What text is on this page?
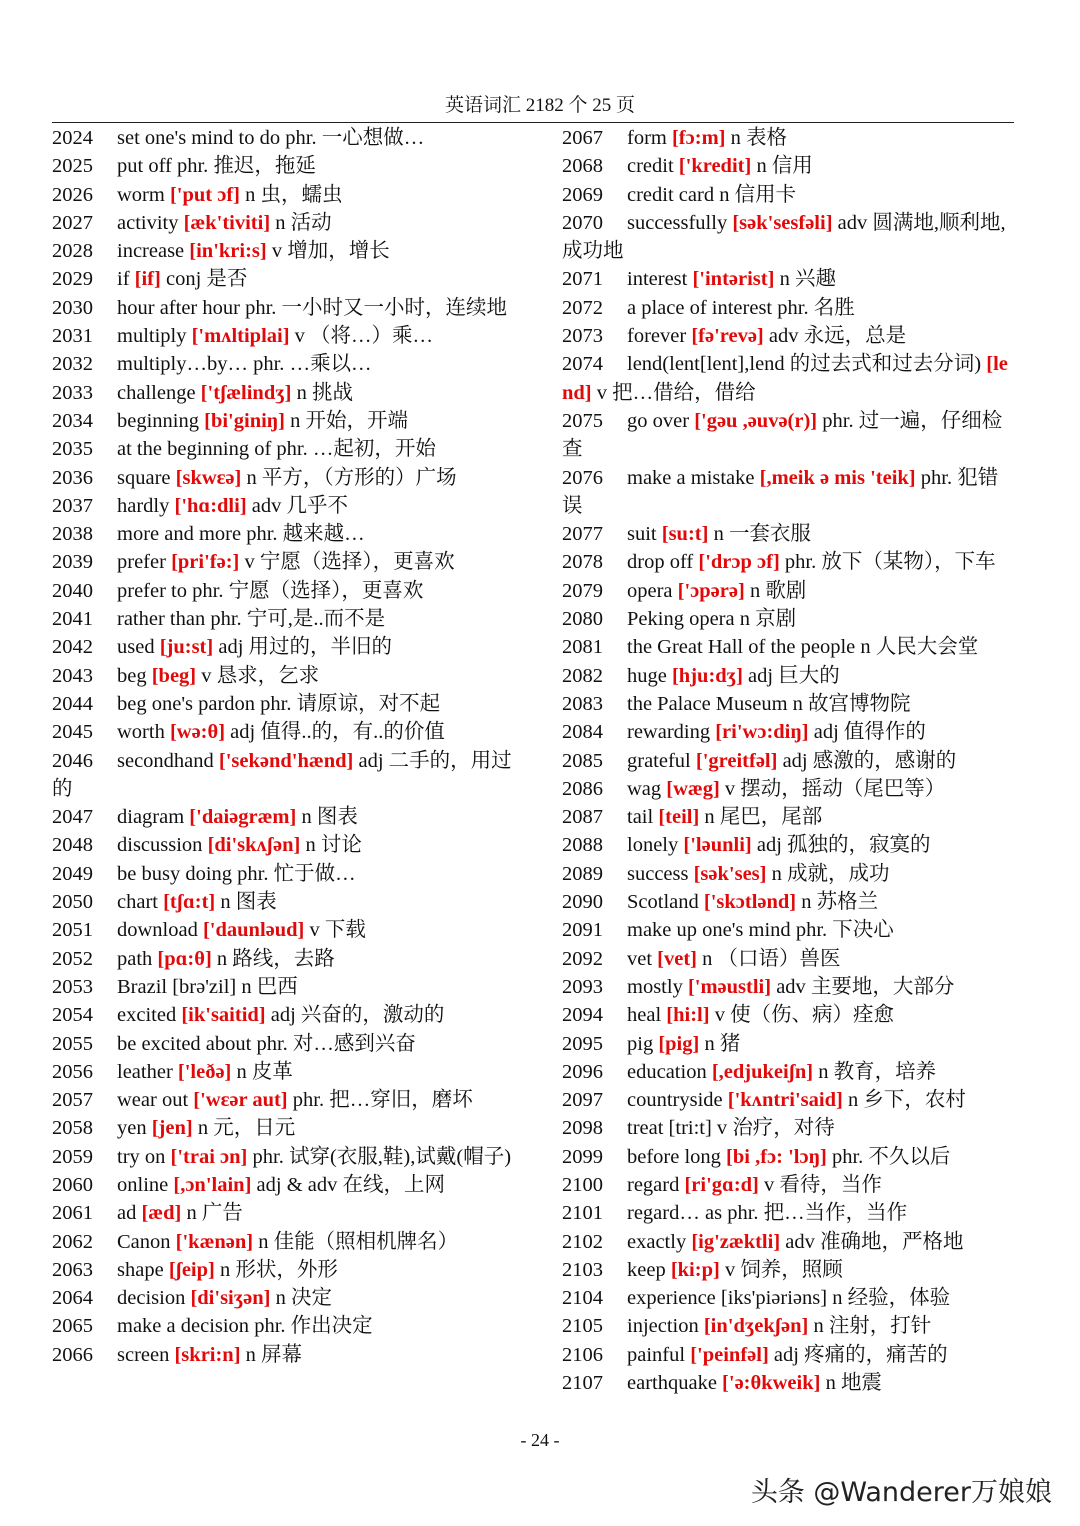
英语词汇 2182 个 25 页
2024 set one's mind to do phr. 一心想做…
2025 put off phr. 推迟，拖延
2026 worm ['put ɔf] n 虫，蠕虫
2027 activity [æk'tiviti] n 活动
2028 increase [in'kri:s] v 增加，增长
2029 if [if] conj 是否
2030 hour after hour phr. 一小时又一小时，连续地
2031 multiply ['mʌltiplai] v （将…）乘…
2032 multiply…by… phr. …乘以…
2033 challenge ['tʃælindʒ] n 挑战
2034 beginning [bi'giniŋ] n 开始，开端
2035 at the beginning of phr. …起初，开始
2036 square [skwɛə] n 平方，（方形的）广场
2037 hardly ['hɑ:dli] adv 几乎不
2038 more and more phr. 越来越…
2039 prefer [pri'fə:] v 宁愿（选择），更喜欢
2040 prefer to phr. 宁愿（选择），更喜欢
2041 rather than phr. 宁可,是..而不是
2042 used [ju:st] adj 用过的，半旧的
2043 beg [beg] v 恳求，乞求
2044 beg one's pardon phr. 请原谅，对不起
2045 worth [wə:θ] adj 值得..的，有..的价值
2046 secondhand ['sekənd'hænd] adj 二手的，用过的
2047 diagram ['daiəgræm] n 图表
2048 discussion [di'skʌʃən] n 讨论
2049 be busy doing phr. 忙于做…
2050 chart [tʃɑ:t] n 图表
2051 download ['daunləud] v 下载
2052 path [pɑ:θ] n 路线，去路
2053 Brazil [brə'zil] n 巴西
2054 excited [ik'saitid] adj 兴奋的，激动的
2055 be excited about phr. 对…感到兴奋
2056 leather ['leðə] n 皮革
2057 wear out ['wɛər aut] phr. 把…穿旧，磨坏
2058 yen [jen] n 元，日元
2059 try on ['trai ɔn] phr. 试穿(衣服,鞋),试戴(帽子)
2060 online [,ɔn'lain] adj & adv 在线，上网
2061 ad [æd] n 广告
2062 Canon ['kænən] n 佳能（照相机牌名）
2063 shape [ʃeip] n 形状，外形
2064 decision [di'siʒən] n 决定
2065 make a decision phr. 作出决定
2066 screen [skri:n] n 屏幕
2067 form [fɔ:m] n 表格
2068 credit ['kredit] n 信用
2069 credit card n 信用卡
2070 successfully [sək'sesfəli] adv 圆满地,顺利地,成功地
2071 interest ['intərist] n 兴趣
2072 a place of interest phr. 名胜
2073 forever [fə'revə] adv 永远，总是
2074 lend(lent[lent],lend 的过去式和过去分词) [lend] v 把…借给，借给
2075 go over ['gəu ,əuvə(r)] phr. 过一遍，仔细检查
2076 make a mistake [,meik ə mis 'teik] phr. 犯错误
2077 suit [su:t] n 一套衣服
2078 drop off ['drɔp ɔf] phr. 放下（某物），下车
2079 opera ['ɔpərə] n 歌剧
2080 Peking opera n 京剧
2081 the Great Hall of the people n 人民大会堂
2082 huge [hju:dʒ] adj 巨大的
2083 the Palace Museum n 故宫博物院
2084 rewarding [ri'wɔ:diŋ] adj 值得作的
2085 grateful ['greitfəl] adj 感激的，感谢的
2086 wag [wæg] v 摆动，摇动（尾巴等）
2087 tail [teil] n 尾巴，尾部
2088 lonely ['ləunli] adj 孤独的，寂寞的
2089 success [sək'ses] n 成就，成功
2090 Scotland ['skɔtlənd] n 苏格兰
2091 make up one's mind phr. 下决心
2092 vet [vet] n （口语）兽医
2093 mostly ['məustli] adv 主要地，大部分
2094 heal [hi:l] v 使（伤、病）痊愈
2095 pig [pig] n 猪
2096 education [,edjukeiʃn] n 教育，培养
2097 countryside ['kʌntri'said] n 乡下，农村
2098 treat [tri:t] v 治疗，对待
2099 before long [bi ,fɔ: 'lɔŋ] phr. 不久以后
2100 regard [ri'gɑ:d] v 看待，当作
2101 regard… as phr. 把…当作，当作
2102 exactly [ig'zæktli] adv 准确地，严格地
2103 keep [ki:p] v 饲养，照顾
2104 experience [iks'piəriəns] n 经验，体验
2105 injection [in'dʒekʃən] n 注射，打针
2106 painful ['peinfəl] adj 疼痛的，痛苦的
2107 earthquake ['ə:θkweik] n 地震
- 24 -
头条 @Wanderer万娘娘
